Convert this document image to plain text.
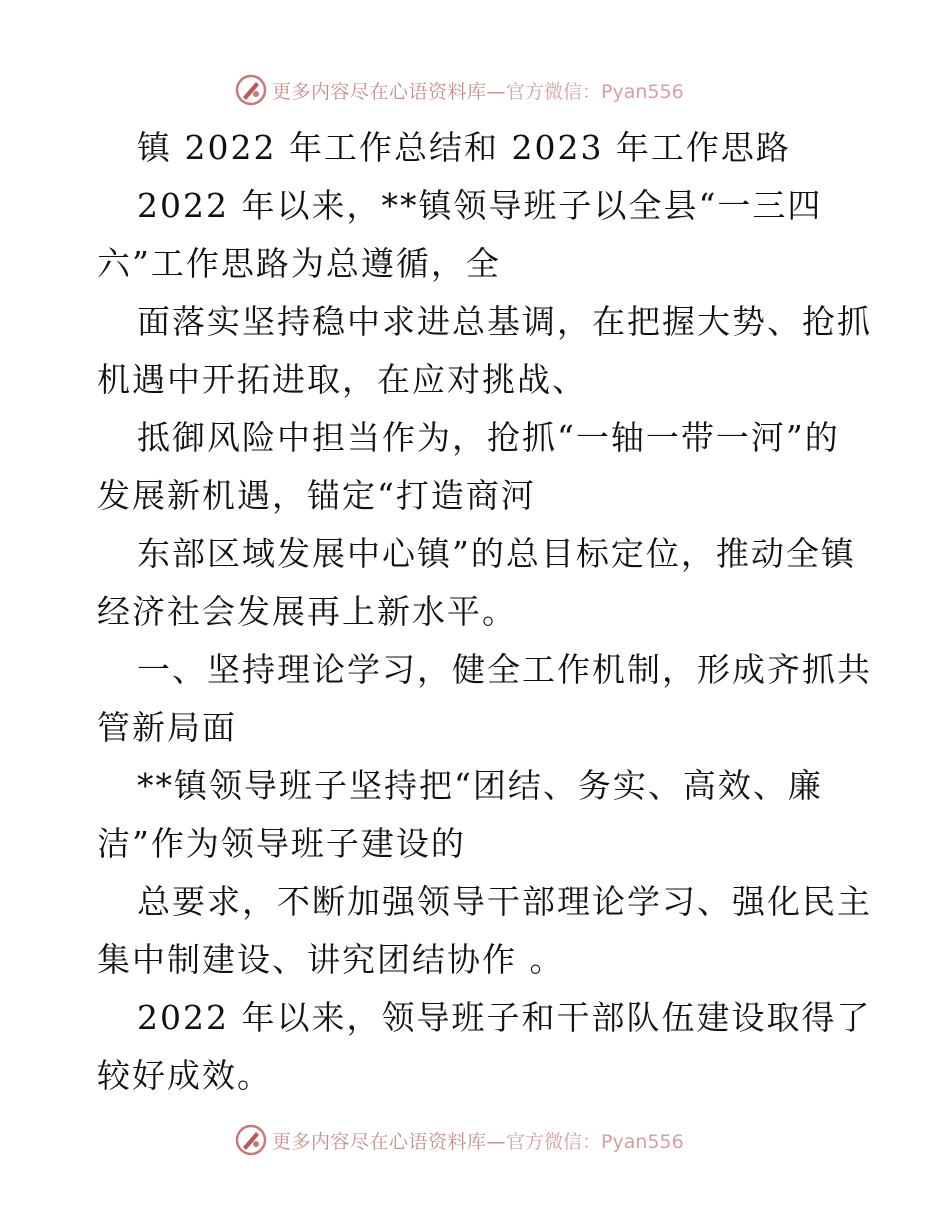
更多内容尽在心语资料库— 官方微信：Pyan556
镇 2022 年工作总结和 2023 年工作思路
2022 年以来，**镇领导班子以全县“一三四
六”工作思路为总遵循，全
面落实坚持稳中求进总基调，在把握大势、抢抓
机遇中开拓进取，在应对挑战、
抵御风险中担当作为，抢抓“一轴一带一河”的
发展新机遇，锚定“打造商河
东部区域发展中心镇”的总目标定位，推动全镇
经济社会发展再上新水平。
一、坚持理论学习，健全工作机制，形成齐抓共
管新局面
**镇领导班子坚持把“团结、务实、高效、廉
洁”作为领导班子建设的
总要求，不断加强领导干部理论学习、强化民主
集中制建设、讲究团结协作 。
2022 年以来，领导班子和干部队伍建设取得了
较好成效。
更多内容尽在心语资料库— 官方微信：Pyan556
